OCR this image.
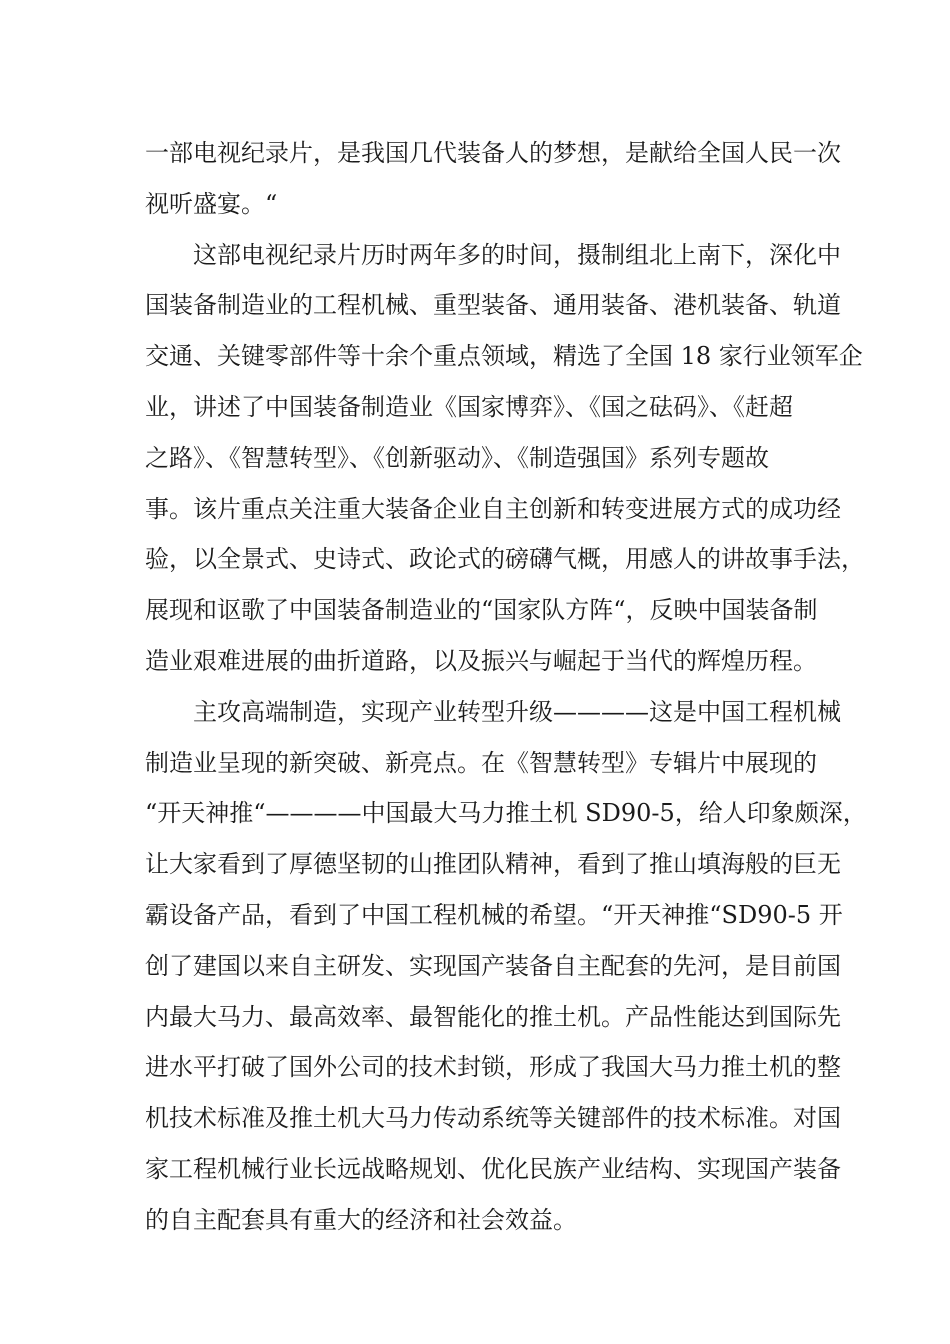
一部电视纪录片，是我国几代装备人的梦想，是献给全国人民一次
视听盛宴。“
　　这部电视纪录片历时两年多的时间，摄制组北上南下，深化中
国装备制造业的工程机械、重型装备、通用装备、港机装备、轨道
交通、关键零部件等十余个重点领域，精选了全国 18 家行业领军企
业，讲述了中国装备制造业《国家博弈》、《国之砝码》、《赶超
之路》、《智慧转型》、《创新驱动》、《制造强国》系列专题故
事。该片重点关注重大装备企业自主创新和转变进展方式的成功经
验，以全景式、史诗式、政论式的磅礴气概，用感人的讲故事手法，
展现和讴歌了中国装备制造业的“国家队方阵“，反映中国装备制
造业艰难进展的曲折道路，以及振兴与崛起于当代的辉煌历程。
　　主攻高端制造，实现产业转型升级————这是中国工程机械
制造业呈现的新突破、新亮点。在《智慧转型》专辑片中展现的
“开天神推“————中国最大马力推土机 SD90-5，给人印象颇深，
让大家看到了厚德坚韧的山推团队精神，看到了推山填海般的巨无
霸设备产品，看到了中国工程机械的希望。“开天神推“SD90-5 开
创了建国以来自主研发、实现国产装备自主配套的先河，是目前国
内最大马力、最高效率、最智能化的推土机。产品性能达到国际先
进水平打破了国外公司的技术封锁，形成了我国大马力推土机的整
机技术标准及推土机大马力传动系统等关键部件的技术标准。对国
家工程机械行业长远战略规划、优化民族产业结构、实现国产装备
的自主配套具有重大的经济和社会效益。
